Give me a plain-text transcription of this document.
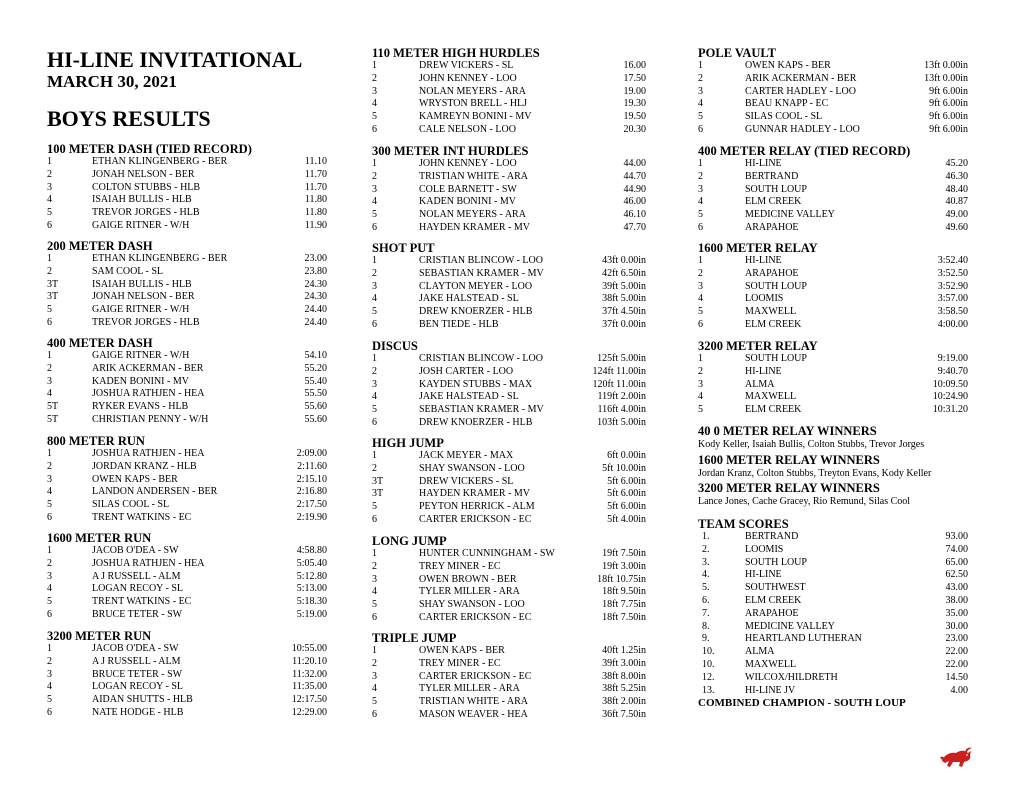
HI-LINE INVITATIONAL
MARCH 30, 2021
BOYS RESULTS
100 METER DASH (TIED RECORD)
1	ETHAN KLINGENBERG - BER	11.10
2	JONAH NELSON - BER	11.70
3	COLTON STUBBS - HLB	11.70
4	ISAIAH BULLIS - HLB	11.80
5	TREVOR JORGES - HLB	11.80
6	GAIGE RITNER - W/H	11.90
200 METER DASH
1	ETHAN KLINGENBERG - BER	23.00
2	SAM COOL - SL	23.80
3T	ISAIAH BULLIS - HLB	24.30
3T	JONAH NELSON - BER	24.30
5	GAIGE RITNER - W/H	24.40
6	TREVOR JORGES - HLB	24.40
400 METER DASH
1	GAIGE RITNER - W/H	54.10
2	ARIK ACKERMAN - BER	55.20
3	KADEN BONINI - MV	55.40
4	JOSHUA RATHJEN - HEA	55.50
5T	RYKER EVANS - HLB	55.60
5T	CHRISTIAN PENNY - W/H	55.60
800 METER RUN
1	JOSHUA RATHJEN - HEA	2:09.00
2	JORDAN KRANZ - HLB	2:11.60
3	OWEN KAPS - BER	2:15.10
4	LANDON ANDERSEN - BER	2:16.80
5	SILAS COOL - SL	2:17.50
6	TRENT WATKINS - EC	2:19.90
1600 METER RUN
1	JACOB O'DEA - SW	4:58.80
2	JOSHUA RATHJEN - HEA	5:05.40
3	A J RUSSELL - ALM	5:12.80
4	LOGAN RECOY - SL	5:13.00
5	TRENT WATKINS - EC	5:18.30
6	BRUCE TETER - SW	5:19.00
3200 METER RUN
1	JACOB O'DEA - SW	10:55.00
2	A J RUSSELL - ALM	11:20.10
3	BRUCE TETER - SW	11:32.00
4	LOGAN RECOY - SL	11:35.00
5	AIDAN SHUTTS - HLB	12:17.50
6	NATE HODGE - HLB	12:29.00
110 METER HIGH HURDLES
1	DREW VICKERS - SL	16.00
2	JOHN KENNEY - LOO	17.50
3	NOLAN MEYERS - ARA	19.00
4	WRYSTON BRELL - HLJ	19.30
5	KAMREYN BONINI - MV	19.50
6	CALE NELSON - LOO	20.30
300 METER INT HURDLES
1	JOHN KENNEY - LOO	44.00
2	TRISTIAN WHITE - ARA	44.70
3	COLE BARNETT - SW	44.90
4	KADEN BONINI - MV	46.00
5	NOLAN MEYERS - ARA	46.10
6	HAYDEN KRAMER - MV	47.70
SHOT PUT
1	CRISTIAN BLINCOW - LOO	43ft 0.00in
2	SEBASTIAN KRAMER - MV	42ft 6.50in
3	CLAYTON MEYER - LOO	39ft 5.00in
4	JAKE HALSTEAD - SL	38ft 5.00in
5	DREW KNOERZER - HLB	37ft 4.50in
6	BEN TIEDE - HLB	37ft 0.00in
DISCUS
1	CRISTIAN BLINCOW - LOO	125ft 5.00in
2	JOSH CARTER - LOO	124ft 11.00in
3	KAYDEN STUBBS - MAX	120ft 11.00in
4	JAKE HALSTEAD - SL	119ft 2.00in
5	SEBASTIAN KRAMER - MV	116ft 4.00in
6	DREW KNOERZER - HLB	103ft 5.00in
HIGH JUMP
1	JACK MEYER - MAX	6ft 0.00in
2	SHAY SWANSON - LOO	5ft 10.00in
3T	DREW VICKERS - SL	5ft 6.00in
3T	HAYDEN KRAMER - MV	5ft 6.00in
5	PEYTON HERRICK - ALM	5ft 6.00in
6	CARTER ERICKSON - EC	5ft 4.00in
LONG JUMP
1	HUNTER CUNNINGHAM - SW	19ft 7.50in
2	TREY MINER - EC	19ft 3.00in
3	OWEN BROWN - BER	18ft 10.75in
4	TYLER MILLER - ARA	18ft 9.50in
5	SHAY SWANSON - LOO	18ft 7.75in
6	CARTER ERICKSON - EC	18ft 7.50in
TRIPLE JUMP
1	OWEN KAPS - BER	40ft 1.25in
2	TREY MINER - EC	39ft 3.00in
3	CARTER ERICKSON - EC	38ft 8.00in
4	TYLER MILLER - ARA	38ft 5.25in
5	TRISTIAN WHITE - ARA	38ft 2.00in
6	MASON WEAVER - HEA	36ft 7.50in
POLE VAULT
1	OWEN KAPS - BER	13ft 0.00in
2	ARIK ACKERMAN - BER	13ft 0.00in
3	CARTER HADLEY - LOO	9ft 6.00in
4	BEAU KNAPP - EC	9ft 6.00in
5	SILAS COOL - SL	9ft 6.00in
6	GUNNAR HADLEY - LOO	9ft 6.00in
400 METER RELAY (TIED RECORD)
1	HI-LINE	45.20
2	BERTRAND	46.30
3	SOUTH LOUP	48.40
4	ELM CREEK	40.87
5	MEDICINE VALLEY	49.00
6	ARAPAHOE	49.60
1600 METER RELAY
1	HI-LINE	3:52.40
2	ARAPAHOE	3:52.50
3	SOUTH LOUP	3:52.90
4	LOOMIS	3:57.00
5	MAXWELL	3:58.50
6	ELM CREEK	4:00.00
3200 METER RELAY
1	SOUTH LOUP	9:19.00
2	HI-LINE	9:40.70
3	ALMA	10:09.50
4	MAXWELL	10:24.90
5	ELM CREEK	10:31.20
40 0 METER RELAY WINNERS
Kody Keller, Isaiah Bullis, Colton Stubbs, Trevor Jorges
1600 METER RELAY WINNERS
Jordan Kranz, Colton Stubbs, Treyton Evans, Kody Keller
3200 METER RELAY WINNERS
Lance Jones, Cache Gracey, Rio Remund, Silas Cool
TEAM SCORES
1.	BERTRAND	93.00
2.	LOOMIS	74.00
3.	SOUTH LOUP	65.00
4.	HI-LINE	62.50
5.	SOUTHWEST	43.00
6.	ELM CREEK	38.00
7.	ARAPAHOE	35.00
8.	MEDICINE VALLEY	30.00
9.	HEARTLAND LUTHERAN	23.00
10.	ALMA	22.00
10.	MAXWELL	22.00
12.	WILCOX/HILDRETH	14.50
13.	HI-LINE JV	4.00
COMBINED CHAMPION - SOUTH LOUP
